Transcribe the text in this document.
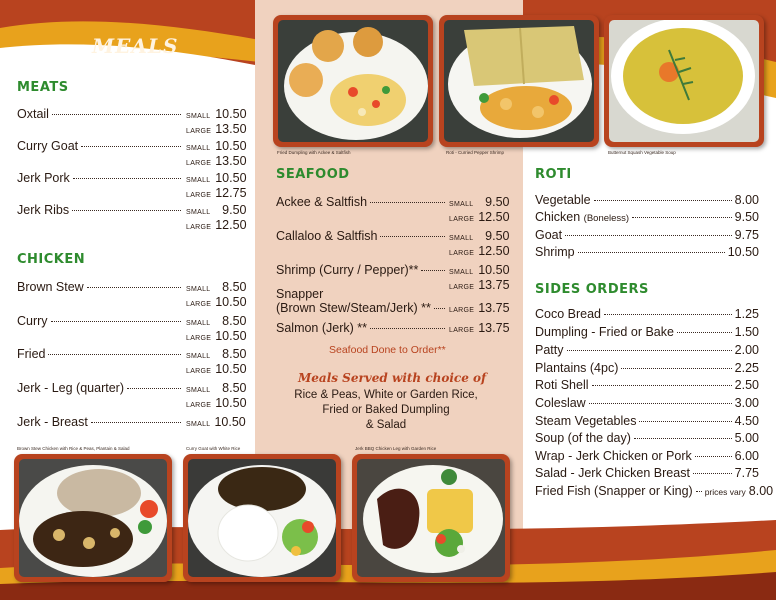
MEALS
MEATS
Oxtail	SMALL 10.50
LARGE 13.50
Curry Goat	SMALL 10.50
LARGE 13.50
Jerk Pork	SMALL 10.50
LARGE 12.75
Jerk Ribs	SMALL 9.50
LARGE 12.50
CHICKEN
Brown Stew	SMALL 8.50
LARGE 10.50
Curry	SMALL 8.50
LARGE 10.50
Fried	SMALL 8.50
LARGE 10.50
Jerk - Leg (quarter)	SMALL 8.50
LARGE 10.50
Jerk - Breast	SMALL 10.50
SEAFOOD
Ackee & Saltfish	SMALL 9.50
LARGE 12.50
Callaloo & Saltfish	SMALL 9.50
LARGE 12.50
Shrimp (Curry / Pepper)**	SMALL 10.50
LARGE 13.75
Snapper
(Brown Stew/Steam/Jerk) **	LARGE 13.75
Salmon (Jerk) **	LARGE 13.75
Seafood Done to Order**
Meals Served with choice of
Rice & Peas, White or Garden Rice,
Fried or Baked Dumpling
& Salad
ROTI
Vegetable	8.00
Chicken (Boneless)	9.50
Goat	9.75
Shrimp	10.50
SIDES ORDERS
Coco Bread	1.25
Dumpling - Fried or Bake	1.50
Patty	2.00
Plantains (4pc)	2.25
Roti Shell	2.50
Coleslaw	3.00
Steam Vegetables	4.50
Soup (of the day)	5.00
Wrap - Jerk Chicken or Pork	6.00
Salad - Jerk Chicken Breast	7.75
Fried Fish (Snapper or King) prices vary 8.00
Fried Dumpling with Ackee & Saltfish	Roti - Curried Pepper Shrimp	Butternut Squash Vegetable Soup
Brown Stew Chicken with Rice & Peas, Plantain & Salad	Curry Goat with White Rice	Jerk BBQ Chicken Leg with Garden Rice
